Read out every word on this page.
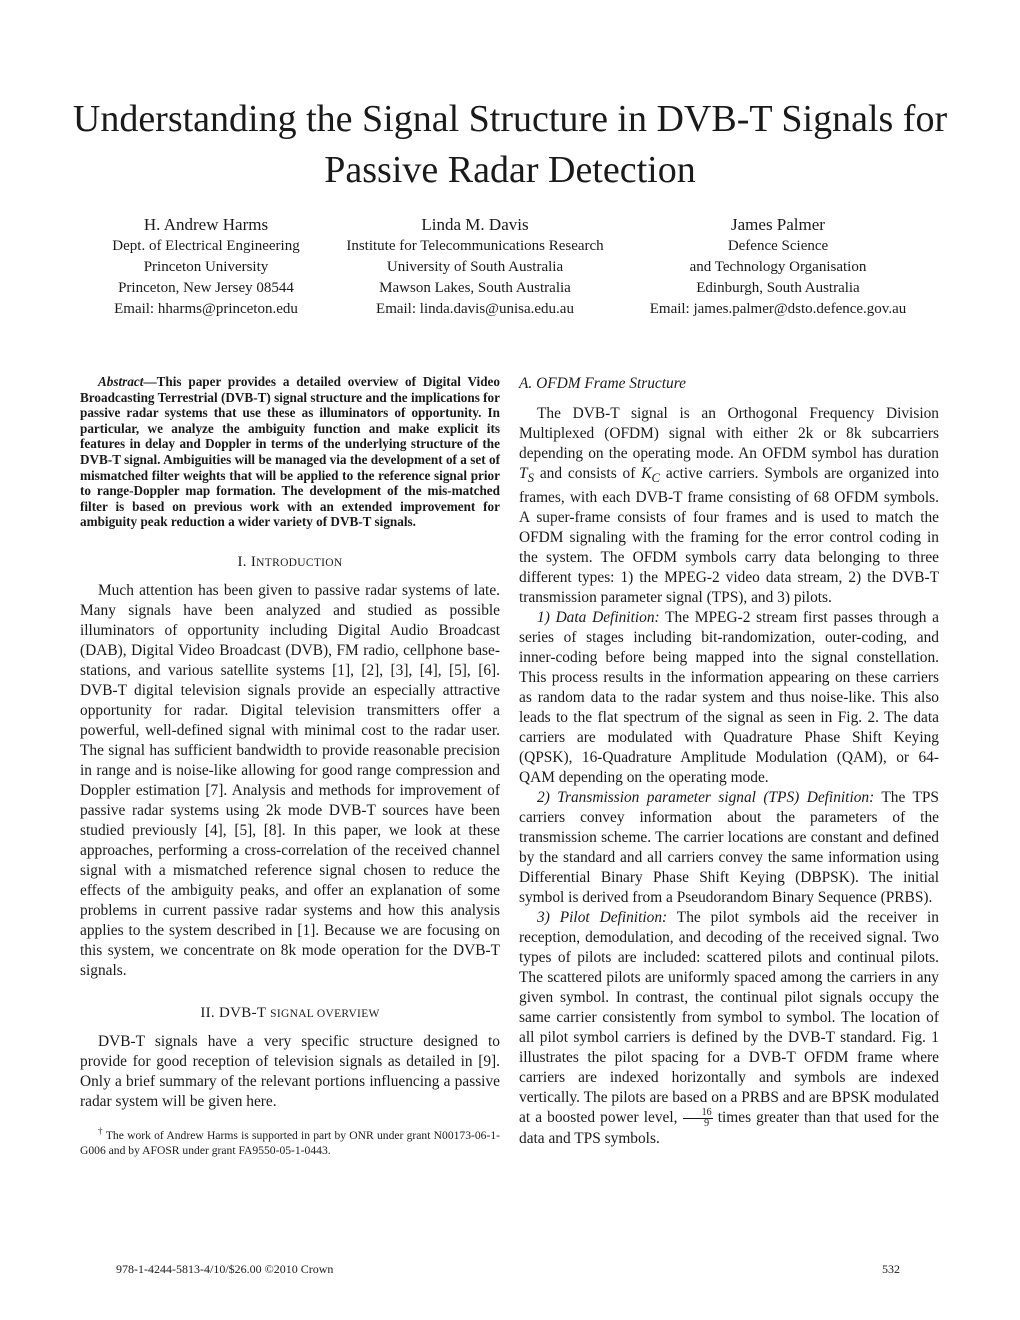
Understanding the Signal Structure in DVB-T Signals for Passive Radar Detection
H. Andrew Harms
Dept. of Electrical Engineering
Princeton University
Princeton, New Jersey 08544
Email: hharms@princeton.edu
Linda M. Davis
Institute for Telecommunications Research
University of South Australia
Mawson Lakes, South Australia
Email: linda.davis@unisa.edu.au
James Palmer
Defence Science
and Technology Organisation
Edinburgh, South Australia
Email: james.palmer@dsto.defence.gov.au

Abstract—This paper provides a detailed overview of Digital Video Broadcasting Terrestrial (DVB-T) signal structure and the implications for passive radar systems that use these as illuminators of opportunity. In particular, we analyze the ambiguity function and make explicit its features in delay and Doppler in terms of the underlying structure of the DVB-T signal. Ambiguities will be managed via the development of a set of mismatched filter weights that will be applied to the reference signal prior to range-Doppler map formation. The development of the mis-matched filter is based on previous work with an extended improvement for ambiguity peak reduction a wider variety of DVB-T signals.

I. INTRODUCTION

Much attention has been given to passive radar systems of late. Many signals have been analyzed and studied as possible illuminators of opportunity including Digital Audio Broadcast (DAB), Digital Video Broadcast (DVB), FM radio, cellphone base-stations, and various satellite systems [1], [2], [3], [4], [5], [6]. DVB-T digital television signals provide an especially attractive opportunity for radar. Digital television transmitters offer a powerful, well-defined signal with minimal cost to the radar user. The signal has sufficient bandwidth to provide reasonable precision in range and is noise-like allowing for good range compression and Doppler estimation [7]. Analysis and methods for improvement of passive radar systems using 2k mode DVB-T sources have been studied previously [4], [5], [8]. In this paper, we look at these approaches, performing a cross-correlation of the received channel signal with a mismatched reference signal chosen to reduce the effects of the ambiguity peaks, and offer an explanation of some problems in current passive radar systems and how this analysis applies to the system described in [1]. Because we are focusing on this system, we concentrate on 8k mode operation for the DVB-T signals.

II. DVB-T SIGNAL OVERVIEW

DVB-T signals have a very specific structure designed to provide for good reception of television signals as detailed in [9]. Only a brief summary of the relevant portions influencing a passive radar system will be given here.

† The work of Andrew Harms is supported in part by ONR under grant N00173-06-1-G006 and by AFOSR under grant FA9550-05-1-0443.

A. OFDM Frame Structure

The DVB-T signal is an Orthogonal Frequency Division Multiplexed (OFDM) signal with either 2k or 8k subcarriers depending on the operating mode. An OFDM symbol has duration $T_S$ and consists of $K_C$ active carriers. Symbols are organized into frames, with each DVB-T frame consisting of 68 OFDM symbols. A super-frame consists of four frames and is used to match the OFDM signaling with the framing for the error control coding in the system. The OFDM symbols carry data belonging to three different types: 1) the MPEG-2 video data stream, 2) the DVB-T transmission parameter signal (TPS), and 3) pilots.

1) Data Definition: The MPEG-2 stream first passes through a series of stages including bit-randomization, outer-coding, and inner-coding before being mapped into the signal constellation. This process results in the information appearing on these carriers as random data to the radar system and thus noise-like. This also leads to the flat spectrum of the signal as seen in Fig. 2. The data carriers are modulated with Quadrature Phase Shift Keying (QPSK), 16-Quadrature Amplitude Modulation (QAM), or 64-QAM depending on the operating mode.

2) Transmission parameter signal (TPS) Definition: The TPS carriers convey information about the parameters of the transmission scheme. The carrier locations are constant and defined by the standard and all carriers convey the same information using Differential Binary Phase Shift Keying (DBPSK). The initial symbol is derived from a Pseudorandom Binary Sequence (PRBS).

3) Pilot Definition: The pilot symbols aid the receiver in reception, demodulation, and decoding of the received signal. Two types of pilots are included: scattered pilots and continual pilots. The scattered pilots are uniformly spaced among the carriers in any given symbol. In contrast, the continual pilot signals occupy the same carrier consistently from symbol to symbol. The location of all pilot symbol carriers is defined by the DVB-T standard. Fig. 1 illustrates the pilot spacing for a DVB-T OFDM frame where carriers are indexed horizontally and symbols are indexed vertically. The pilots are based on a PRBS and are BPSK modulated at a boosted power level, $\frac{16}{9}$ times greater than that used for the data and TPS symbols.

978-1-4244-5813-4/10/$26.00 ©2010 Crown	532
